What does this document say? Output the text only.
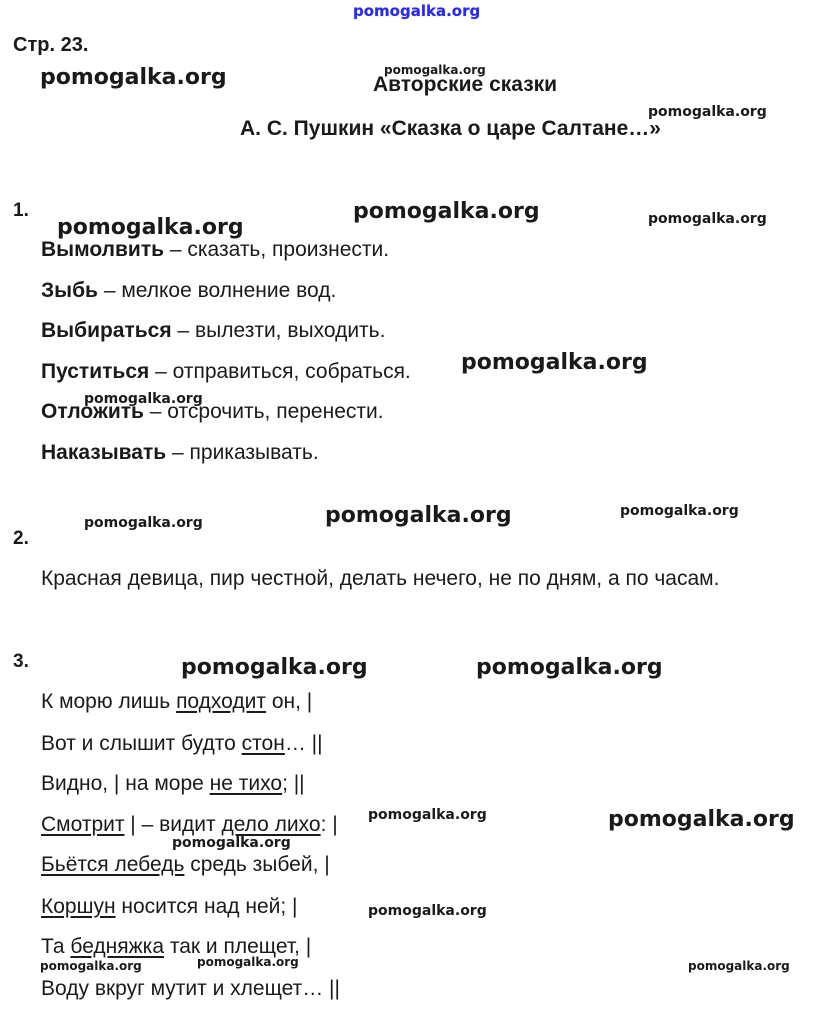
pomogalka.org
Стр. 23.
Авторские сказки
А. С. Пушкин «Сказка о царе Салтане…»
1.
Вымолвить – сказать, произнести.
Зыбь – мелкое волнение вод.
Выбираться – вылезти, выходить.
Пуститься – отправиться, собраться.
Отложить – отсрочить, перенести.
Наказывать – приказывать.
2.
Красная девица, пир честной, делать нечего, не по дням, а по часам.
3.
К морю лишь подходит он, |
Вот и слышит будто стон… ||
Видно, | на море не тихо; ||
Смотрит | – видит дело лихо: |
Бьётся лебедь средь зыбей, |
Коршун носится над ней; |
Та бедняжка так и плещет, |
Воду вкруг мутит и хлещет… ||
pomogalka.org	pomogalka.org
pomogalka.org
pomogalka.org
pomogalka.org	pomogalka.org
pomogalka.org
pomogalka.org
pomogalka.org	pomogalka.org	pomogalka.org
pomogalka.org	pomogalka.org
pomogalka.org	pomogalka.org
pomogalka.org
pomogalka.org
pomogalka.org	pomogalka.org	pomogalka.org
